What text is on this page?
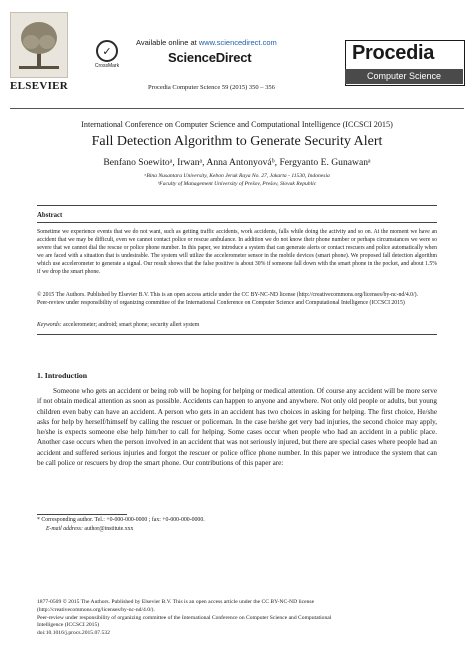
ELSEVIER
✓
CrossMark
Available online at www.sciencedirect.com
ScienceDirect
Procedia Computer Science 59 (2015) 350 – 356
Procedia
Computer Science
International Conference on Computer Science and Computational Intelligence (ICCSCI 2015)
Fall Detection Algorithm to Generate Security Alert
Benfano Soewitoᵃ, Irwanᵃ, Anna Antonyováᵇ, Fergyanto E. Gunawanᵃ
ᵃBina Nusantara University, Kebon Jeruk Raya No. 27, Jakarta - 11530, Indonesia
ᵇFaculty of Management University of Prešov, Prešov, Slovak Republic
Abstract
Sometime we experience events that we do not want, such as getting traffic accidents, work accidents, falls while doing the activity and so on. At the moment we have an accident that we may be difficult, even we cannot contact police or rescue ambulance. In addition we do not know their phone number or perhaps circumstances we were so severe that we cannot dial the rescue or police phone number. In this paper, we introduce a system that can generate alerts or contact rescuers and police automatically when we are faced with a situation that is undesirable. The system will utilize the accelerometer sensor in the mobile devices (smart phone). We proposed fall detection algorithm which use accelerometer to generate a signal. Our result shows that the false positive is about 30% if someone fall down with the smart phone in the pocket, and about 1.5% if we drop the smart phone.
© 2015 The Authors. Published by Elsevier B.V. This is an open access article under the CC BY-NC-ND license (http://creativecommons.org/licenses/by-nc-nd/4.0/).
Peer-review under responsibility of organizing committee of the International Conference on Computer Science and Computational Intelligence (ICCSCI 2015)
Keywords: accelerometer; android; smart phone; security allert system
1. Introduction
Someone who gets an accident or being rob will be hoping for helping or medical attention. Of course any accident will be more serve if not obtain medical attention as soon as possible. Accidents can happen to anyone and anywhere. Not only old people or adults, but young children even baby can have an accident. A person who gets in an accident has two choices in asking for helping. The first choice, He/she asks for help by herself/himself by calling the rescuer or policeman. In the case he/she get very bad injuries, the second choice may apply, he/she is expects someone else help him/her to call for helping. Some cases occur when people who had an accident in a public place. Another case occurs when the person involved in an accident that was not seriously injured, but there are special cases where people had an accident and suffered serious injuries and forgot the rescuer or police office phone number. In this paper we introduce the system that can be call police or rescuers by drop the smart phone. Our contributions of this paper are:
* Corresponding author. Tel.: +0-000-000-0000 ; fax: +0-000-000-0000.
E-mail address: author@institute.xxx
1877-0509 © 2015 The Authors. Published by Elsevier B.V. This is an open access article under the CC BY-NC-ND license
(http://creativecommons.org/licenses/by-nc-nd/4.0/).
Peer-review under responsibility of organizing committee of the International Conference on Computer Science and Computational
Intelligence (ICCSCI 2015)
doi:10.1016/j.procs.2015.07.532
